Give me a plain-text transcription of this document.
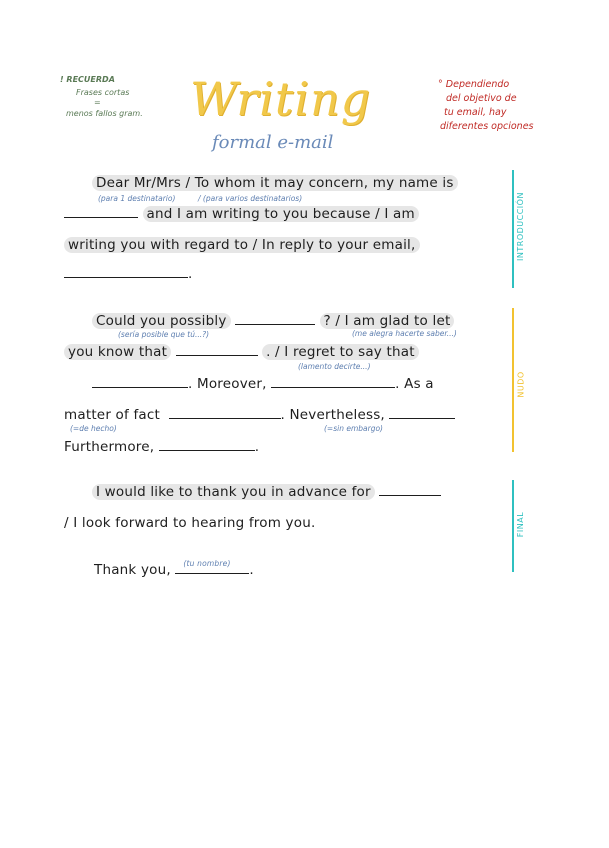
! RECUERDA
Frases cortas
=
menos fallos gram. Writing
formal e-mail
° Dependiendo
del objetivo de
tu email, hay
diferentes opciones
Dear Mr/Mrs / To whom it may concern, my name is
(para 1 destinatario)	/ (para varios destinatarios)
and I am writing to you because / I am
writing you with regard to / In reply to your email,
.
INTRODUCCIÓN
Could you possibly	? / I am glad to let
(sería posible que tú...?)	(me alegra hacerte saber...)
you know that	. / I regret to say that
(lamento decirte...)
. Moreover,	. As a
matter of fact	. Nevertheless,
(=de hecho)	(=sin embargo)
Furthermore,	.
NUDO
I would like to thank you in advance for
/ I look forward to hearing from you.
Thank you, (tu nombre) .
FINAL
